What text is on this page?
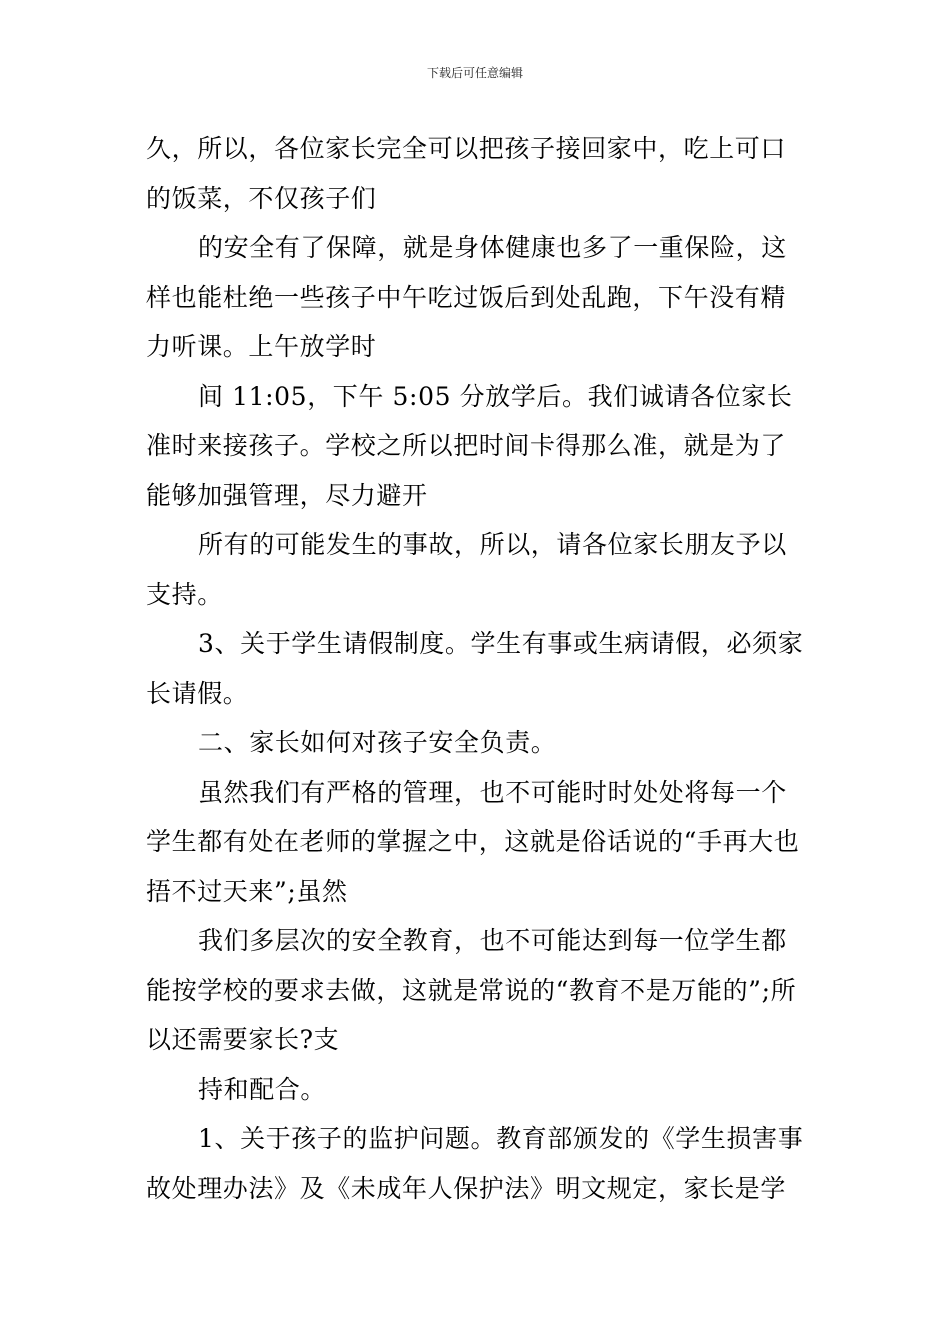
下载后可任意编辑

久，所以，各位家长完全可以把孩子接回家中，吃上可口的饭菜，不仅孩子们

的安全有了保障，就是身体健康也多了一重保险，这样也能杜绝一些孩子中午吃过饭后到处乱跑，下午没有精力听课。上午放学时

间 11:05，下午 5:05 分放学后。我们诚请各位家长准时来接孩子。学校之所以把时间卡得那么准，就是为了能够加强管理，尽力避开

所有的可能发生的事故，所以，请各位家长朋友予以支持。

3、关于学生请假制度。学生有事或生病请假，必须家长请假。

二、家长如何对孩子安全负责。

虽然我们有严格的管理，也不可能时时处处将每一个学生都有处在老师的掌握之中，这就是俗话说的“手再大也捂不过天来”;虽然

我们多层次的安全教育，也不可能达到每一位学生都能按学校的要求去做，这就是常说的“教育不是万能的”;所以还需要家长?支

持和配合。

1、关于孩子的监护问题。教育部颁发的《学生损害事故处理办法》及《未成年人保护法》明文规定，家长是学
